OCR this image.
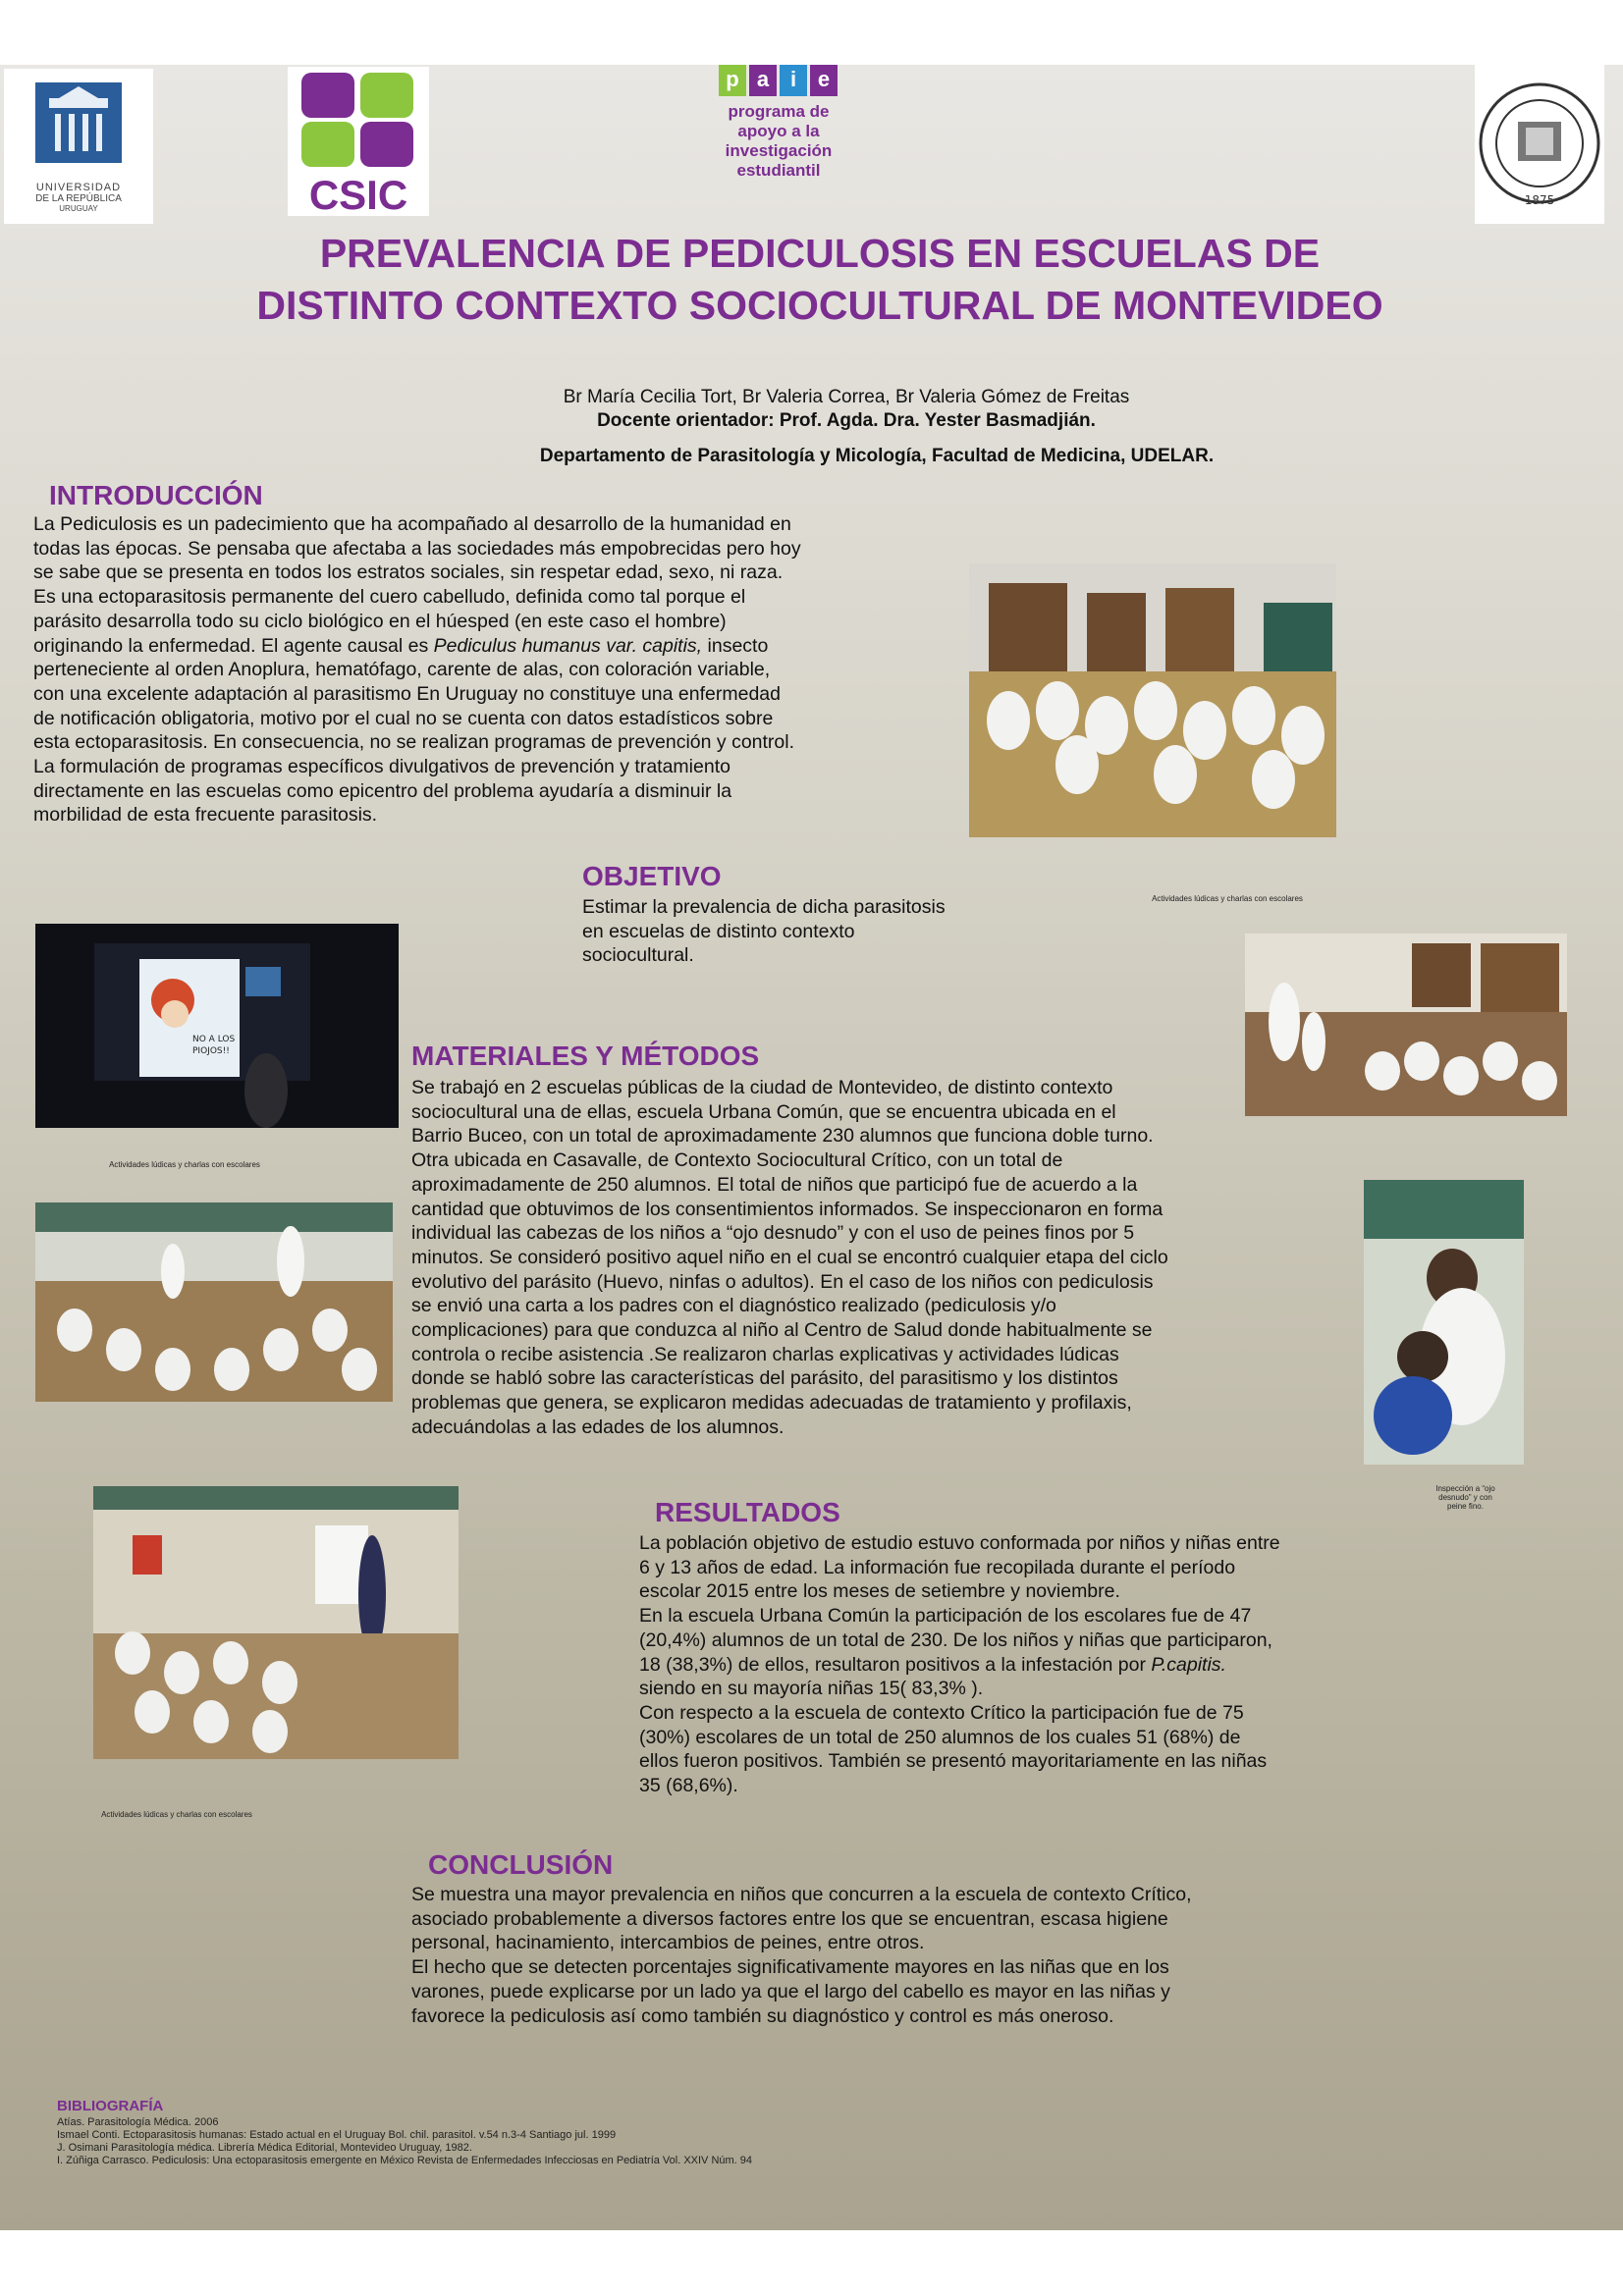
UNIVERSIDAD
DE LA REPÚBLICA
URUGUAY	CSIC
p a i e
programa de
apoyo a la
investigación
estudiantil
1875
PREVALENCIA DE PEDICULOSIS EN ESCUELAS DE
DISTINTO CONTEXTO SOCIOCULTURAL DE MONTEVIDEO
Br María Cecilia Tort, Br Valeria Correa, Br Valeria Gómez de Freitas
Docente orientador: Prof. Agda. Dra. Yester Basmadjián.
Departamento de Parasitología y Micología, Facultad de Medicina, UDELAR.
INTRODUCCIÓN
La Pediculosis es un padecimiento que ha acompañado al desarrollo de la humanidad en
todas las épocas. Se pensaba que afectaba a las sociedades más empobrecidas pero hoy
se sabe que se presenta en todos los estratos sociales, sin respetar edad, sexo, ni raza.
Es una ectoparasitosis permanente del cuero cabelludo, definida como tal porque el
parásito desarrolla todo su ciclo biológico en el húesped (en este caso el hombre)
originando la enfermedad. El agente causal es Pediculus humanus var. capitis, insecto
perteneciente al orden Anoplura, hematófago, carente de alas, con coloración variable,
con una excelente adaptación al parasitismo En Uruguay no constituye una enfermedad
de notificación obligatoria, motivo por el cual no se cuenta con datos estadísticos sobre
esta ectoparasitosis. En consecuencia, no se realizan programas de prevención y control.
La formulación de programas específicos divulgativos de prevención y tratamiento
directamente en las escuelas como epicentro del problema ayudaría a disminuir la
morbilidad de esta frecuente parasitosis.
OBJETIVO
Estimar la prevalencia de dicha parasitosis
en escuelas de distinto contexto
sociocultural.
Actividades lúdicas y charlas con escolares
NO A LOS
PIOJOS!!	MATERIALES Y MÉTODOS
Se trabajó en 2 escuelas públicas de la ciudad de Montevideo, de distinto contexto
sociocultural una de ellas, escuela Urbana Común, que se encuentra ubicada en el
Barrio Buceo, con un total de aproximadamente 230 alumnos que funciona doble turno.
Otra ubicada en Casavalle, de Contexto Sociocultural Crítico, con un total de
aproximadamente de 250 alumnos. El total de niños que participó fue de acuerdo a la
cantidad que obtuvimos de los consentimientos informados. Se inspeccionaron en forma
individual las cabezas de los niños a “ojo desnudo” y con el uso de peines finos por 5
minutos. Se consideró positivo aquel niño en el cual se encontró cualquier etapa del ciclo
evolutivo del parásito (Huevo, ninfas o adultos). En el caso de los niños con pediculosis
se envió una carta a los padres con el diagnóstico realizado (pediculosis y/o
complicaciones) para que conduzca al niño al Centro de Salud donde habitualmente se
controla o recibe asistencia .Se realizaron charlas explicativas y actividades lúdicas
donde se habló sobre las características del parásito, del parasitismo y los distintos
problemas que genera, se explicaron medidas adecuadas de tratamiento y profilaxis,
adecuándolas a las edades de los alumnos.
Actividades lúdicas y charlas con escolares
Inspección a “ojo
desnudo” y con
peine fino.
RESULTADOS
La población objetivo de estudio estuvo conformada por niños y niñas entre
6 y 13 años de edad. La información fue recopilada durante el período
escolar 2015 entre los meses de setiembre y noviembre.
En la escuela Urbana Común la participación de los escolares fue de 47
(20,4%) alumnos de un total de 230. De los niños y niñas que participaron,
18 (38,3%) de ellos, resultaron positivos a la infestación por P.capitis.
siendo en su mayoría niñas 15( 83,3% ).
Con respecto a la escuela de contexto Crítico la participación fue de 75
(30%) escolares de un total de 250 alumnos de los cuales 51 (68%) de
ellos fueron positivos. También se presentó mayoritariamente en las niñas
35 (68,6%).
Actividades lúdicas y charlas con escolares
CONCLUSIÓN
Se muestra una mayor prevalencia en niños que concurren a la escuela de contexto Crítico,
asociado probablemente a diversos factores entre los que se encuentran, escasa higiene
personal, hacinamiento, intercambios de peines, entre otros.
El hecho que se detecten porcentajes significativamente mayores en las niñas que en los
varones, puede explicarse por un lado ya que el largo del cabello es mayor en las niñas y
favorece la pediculosis así como también su diagnóstico y control es más oneroso.
BIBLIOGRAFÍA
Atías. Parasitología Médica. 2006
Ismael Conti. Ectoparasitosis humanas: Estado actual en el Uruguay Bol. chil. parasitol. v.54 n.3-4 Santiago jul. 1999
J. Osimani Parasitología médica. Librería Médica Editorial, Montevideo Uruguay, 1982.
I. Zúñiga Carrasco. Pediculosis: Una ectoparasitosis emergente en México Revista de Enfermedades Infecciosas en Pediatría Vol. XXIV Núm. 94
